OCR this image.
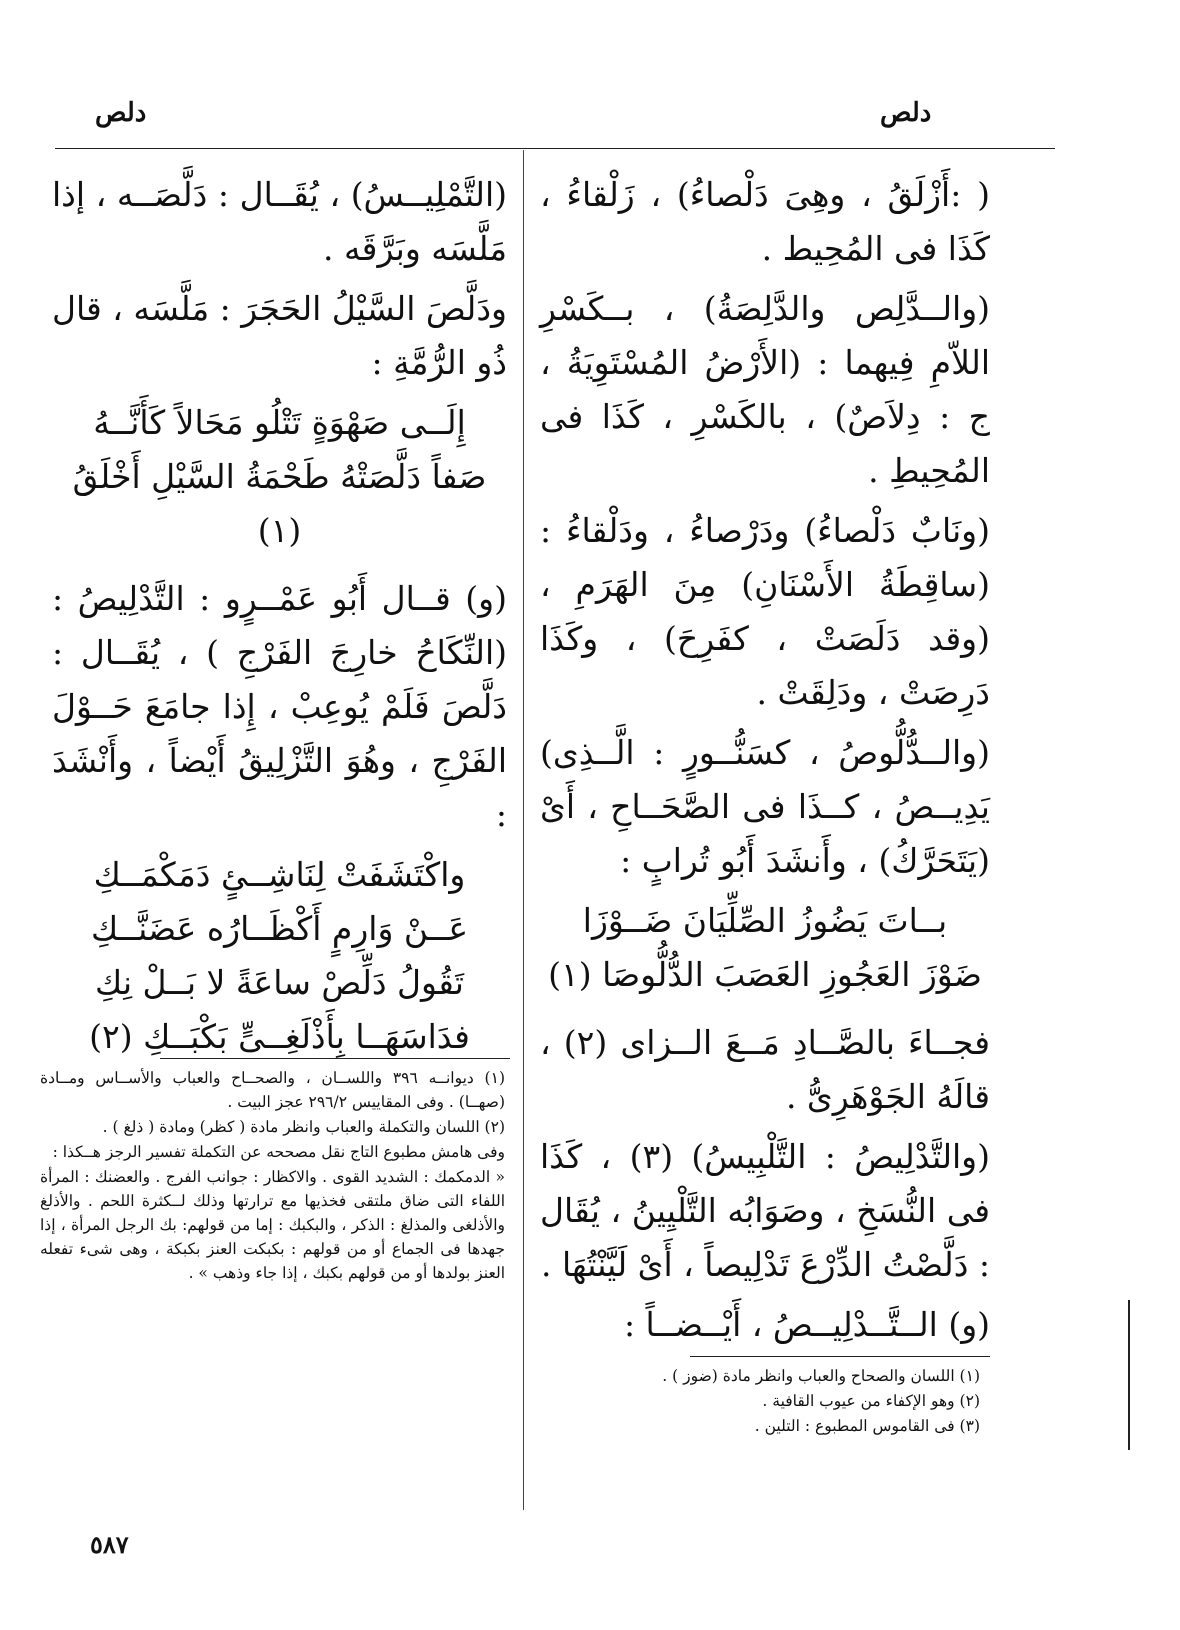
دلص
دلص

( :أَزْلَقُ ، وهِىَ دَلْصاءُ) ، زَلْقاءُ ، كَذَا فى المُحِيط .

(والــدَّلِص والدَّلِصَةُ) ، بــكَسْرِ اللاّمِ فِيهما : (الأَرْضُ المُسْتَوِيَةُ ، ج : دِلاَصٌ) ، بالكَسْرِ ، كَذَا فى المُحِيطِ .

(ونَابٌ دَلْصاءُ) ودَرْصاءُ ، ودَلْقاءُ : (ساقِطَةُ الأَسْنَانِ) مِنَ الهَرَمِ ، (وقد دَلَصَتْ ، كفَرِحَ) ، وكَذَا دَرِصَتْ ، ودَلِقَتْ .

(والــدُّلُّوصُ ، كسَنُّــورٍ : الَّــذِى) يَدِيــصُ ، كــذَا فى الصَّحَــاحِ ، أَىْ (يَتَحَرَّكُ) ، وأَنشَدَ أَبُو تُرابٍ :

بــاتَ يَضُوزُ الصِّلِّيَانَ ضَــوْزَا

ضَوْزَ العَجُوزِ العَصَبَ الدُّلُّوصَا (١)

فجــاءَ بالصَّــادِ مَــعَ الــزاى (٢) ، قالَهُ الجَوْهَرِىُّ .

(والتَّدْلِيصُ : التَّلْبِيسُ) (٣) ، كَذَا فى النُّسَخِ ، وصَوَابُه التَّلْيِينُ ، يُقَال : دَلَّصْتُ الدِّرْعَ تَدْلِيصاً ، أَىْ لَيَّنْتُهَا .

(و) الــتَّــدْلِيــصُ ، أَيْــضــاً :

(١) اللسان والصحاح والعباب وانظر مادة (ضوز ) .

(٢) وهو الإكفاء من عيوب القافية .

(٣) فى القاموس المطبوع : التلين .

(التَّمْلِيــسُ) ، يُقَــال : دَلَّصَــه ، إذا مَلَّسَه وبَرَّقَه .

ودَلَّصَ السَّيْلُ الحَجَرَ : مَلَّسَه ، قال ذُو الرُّمَّةِ :

إِلَــى صَهْوَةٍ تَتْلُو مَحَالاً كَأَنَّــهُ

صَفاً دَلَّصَتْهُ طَحْمَةُ السَّيْلِ أَخْلَقُ (١)

(و) قــال أَبُو عَمْــرٍو : التَّدْلِيصُ : (النِّكَاحُ خارِجَ الفَرْجِ ) ، يُقَــال : دَلَّصَ فَلَمْ يُوعِبْ ، إِذا جامَعَ حَــوْلَ الفَرْجِ ، وهُوَ التَّزْلِيقُ أَيْضاً ، وأَنْشَدَ :

واكْتَشَفَتْ لِنَاشِــئٍ دَمَكْمَــكِ

عَــنْ وَارِمٍ أَكْظَــارُه عَضَنَّــكِ

تَقُولُ دَلِّصْ ساعَةً لا بَــلْ نِكِ

فدَاسَهَــا بِأَذْلَغِــىٍّ بَكْبَــكِ (٢)

(١) ديوانــه ٣٩٦ واللســان ، والصحــاح والعباب والأســاس ومــادة (صهــا) . وفى المقاييس ٢٩٦/٢ عجز البيت .

(٢) اللسان والتكملة والعباب وانظر مادة ( كظر) ومادة ( ذلغ ) .

وفى هامش مطبوع التاج نقل مصححه عن التكملة تفسير الرجز هــكذا :

« الدمكمك : الشديد القوى . والاكظار : جوانب الفرج . والعضنك : المرأة اللفاء التى ضاق ملتقى فخذيها مع ترارتها وذلك لــكثرة اللحم . والأذلغ والأذلغى والمذلغ : الذكر ، والبكبك : إما من قولهم: بك الرجل المرأة ، إذا جهدها فى الجماع أو من قولهم : بكبكت العنز بكبكة ، وهى شىء تفعله العنز بولدها أو من قولهم بكبك ، إذا جاء وذهب » .

٥٨٧
